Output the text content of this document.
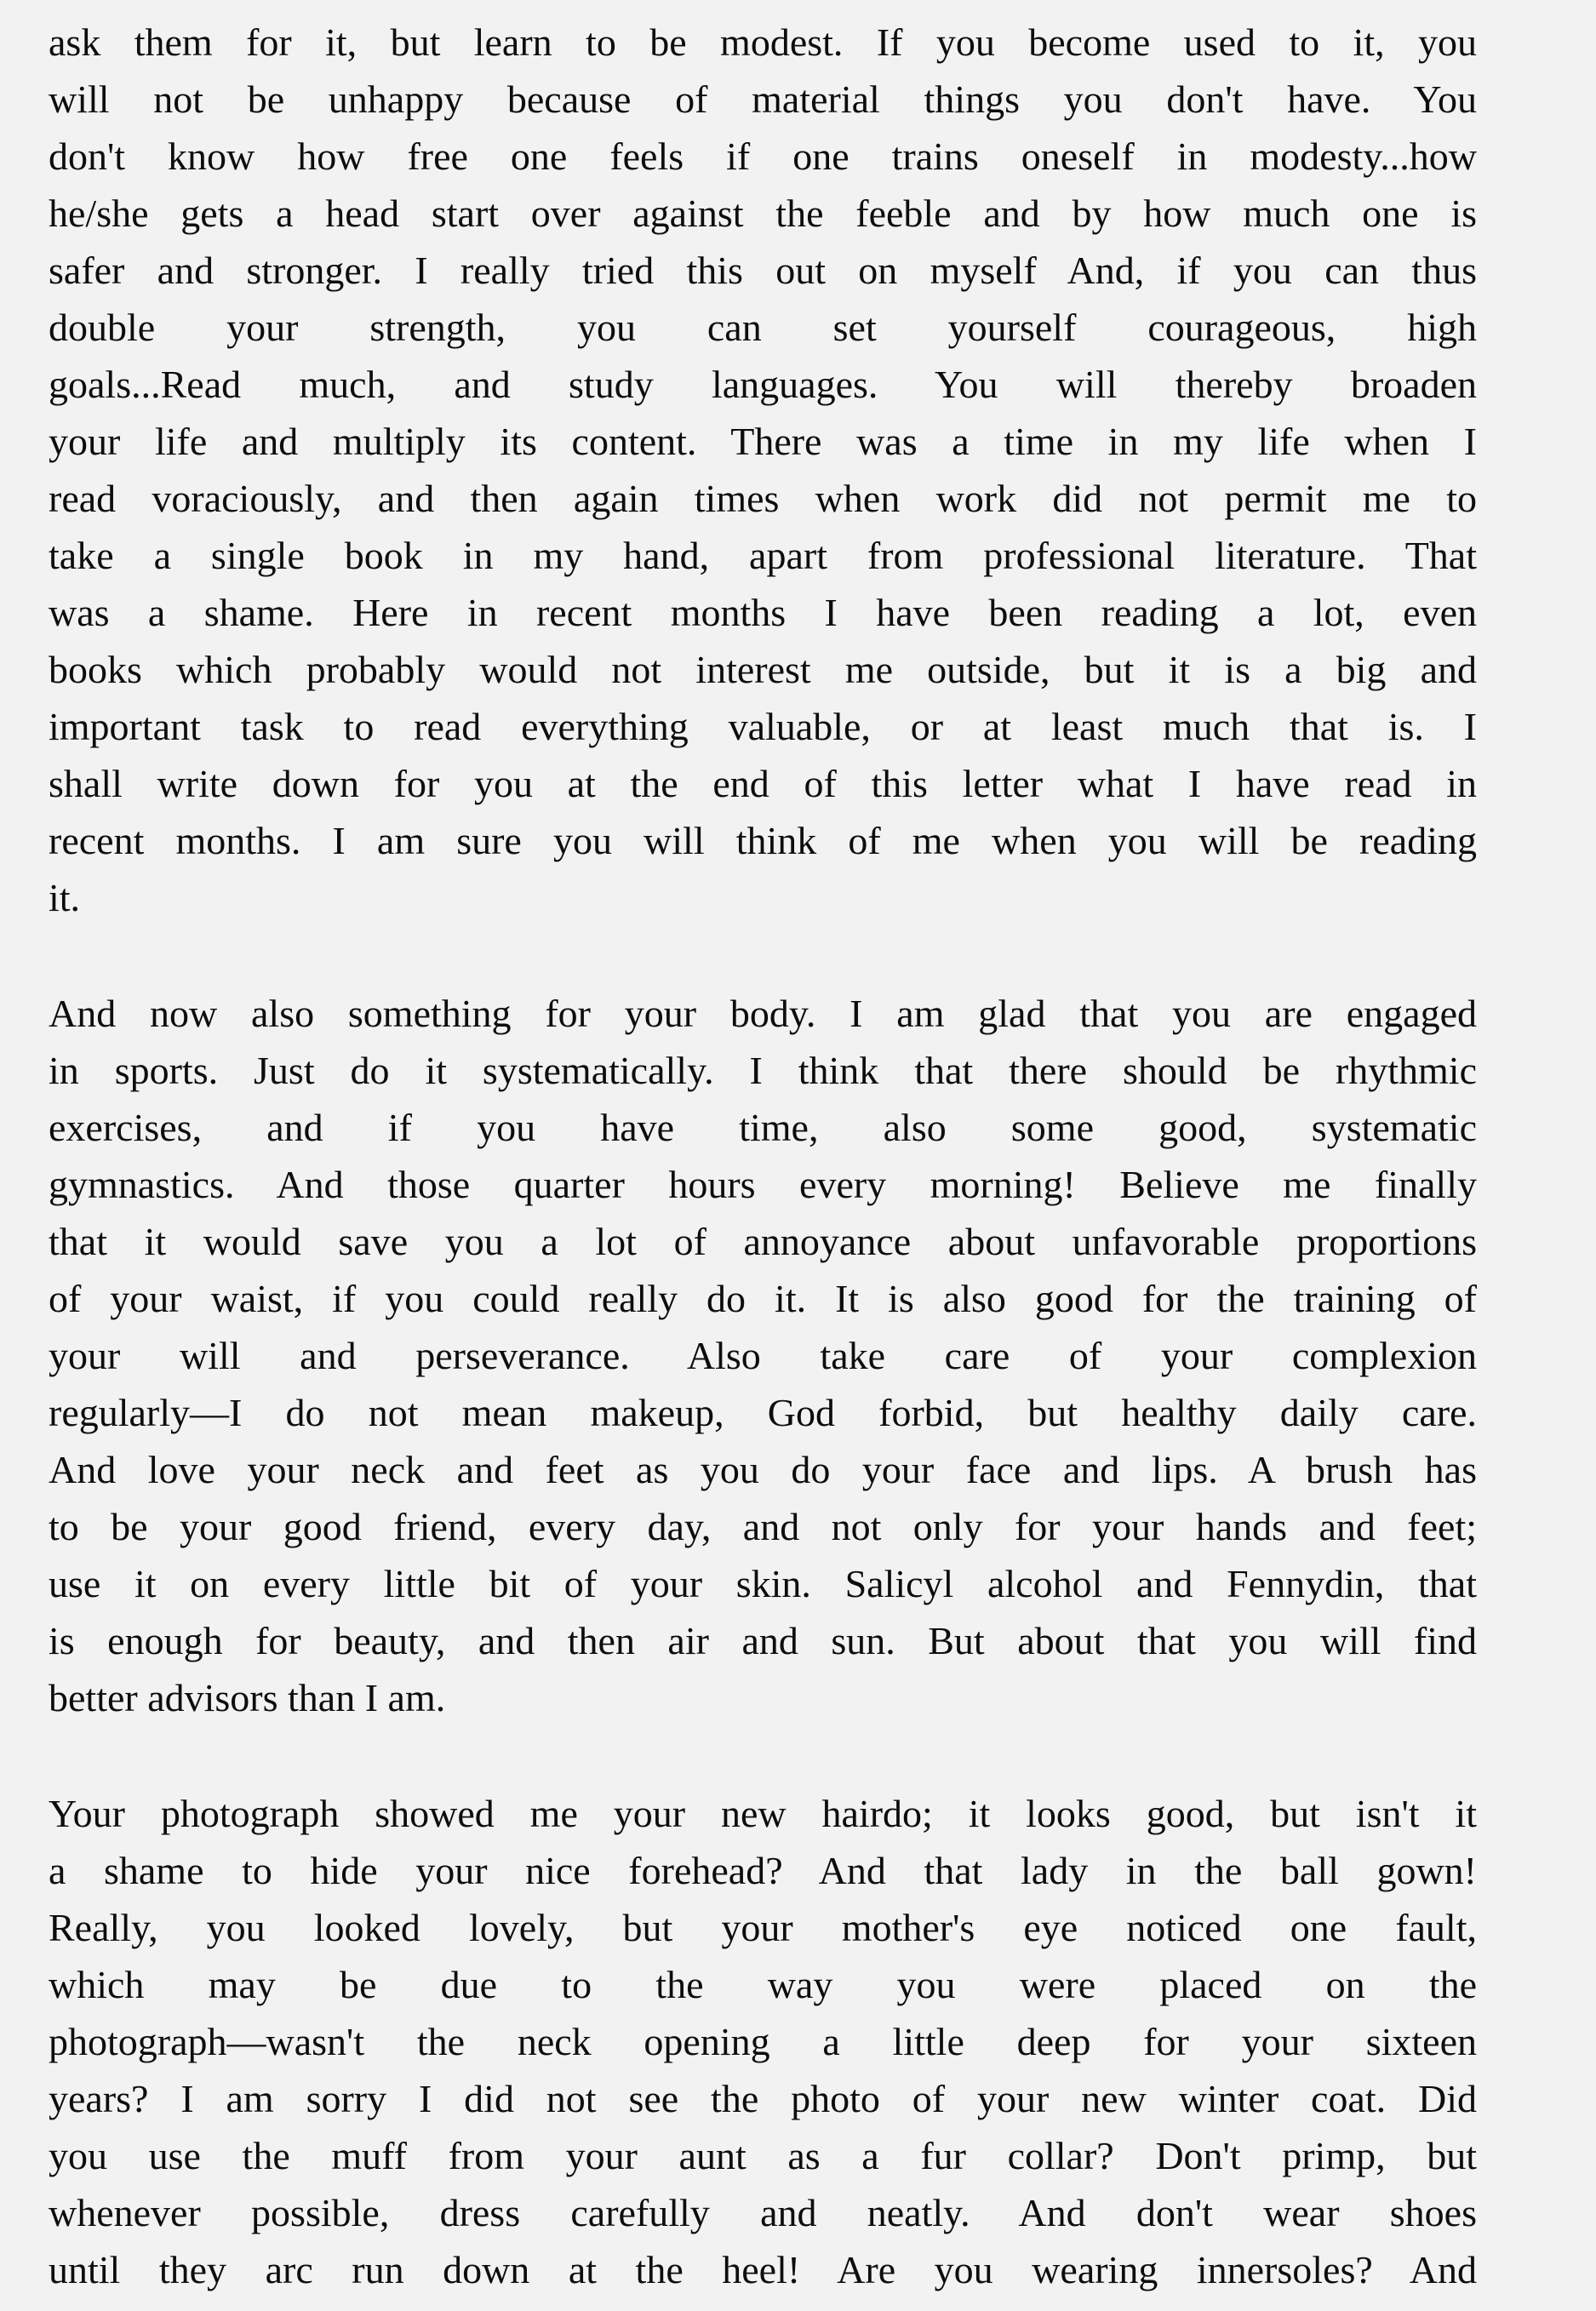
ask them for it, but learn to be modest. If you become used to it, you
will not be unhappy because of material things you don't have. You
don't know how free one feels if one trains oneself in modesty...how
he/she gets a head start over against the feeble and by how much one is
safer and stronger. I really tried this out on myself And, if you can thus
double your strength, you can set yourself courageous, high
goals...Read much, and study languages. You will thereby broaden
your life and multiply its content. There was a time in my life when I
read voraciously, and then again times when work did not permit me to
take a single book in my hand, apart from professional literature. That
was a shame. Here in recent months I have been reading a lot, even
books which probably would not interest me outside, but it is a big and
important task to read everything valuable, or at least much that is. I
shall write down for you at the end of this letter what I have read in
recent months. I am sure you will think of me when you will be reading
it.
And now also something for your body. I am glad that you are engaged
in sports. Just do it systematically. I think that there should be rhythmic
exercises, and if you have time, also some good, systematic
gymnastics. And those quarter hours every morning! Believe me finally
that it would save you a lot of annoyance about unfavorable proportions
of your waist, if you could really do it. It is also good for the training of
your will and perseverance. Also take care of your complexion
regularly—I do not mean makeup, God forbid, but healthy daily care.
And love your neck and feet as you do your face and lips. A brush has
to be your good friend, every day, and not only for your hands and feet;
use it on every little bit of your skin. Salicyl alcohol and Fennydin, that
is enough for beauty, and then air and sun. But about that you will find
better advisors than I am.
Your photograph showed me your new hairdo; it looks good, but isn't it
a shame to hide your nice forehead? And that lady in the ball gown!
Really, you looked lovely, but your mother's eye noticed one fault,
which may be due to the way you were placed on the
photograph—wasn't the neck opening a little deep for your sixteen
years? I am sorry I did not see the photo of your new winter coat. Did
you use the muff from your aunt as a fur collar? Don't primp, but
whenever possible, dress carefully and neatly. And don't wear shoes
until they arc run down at the heel! Are you wearing innersoles? And
